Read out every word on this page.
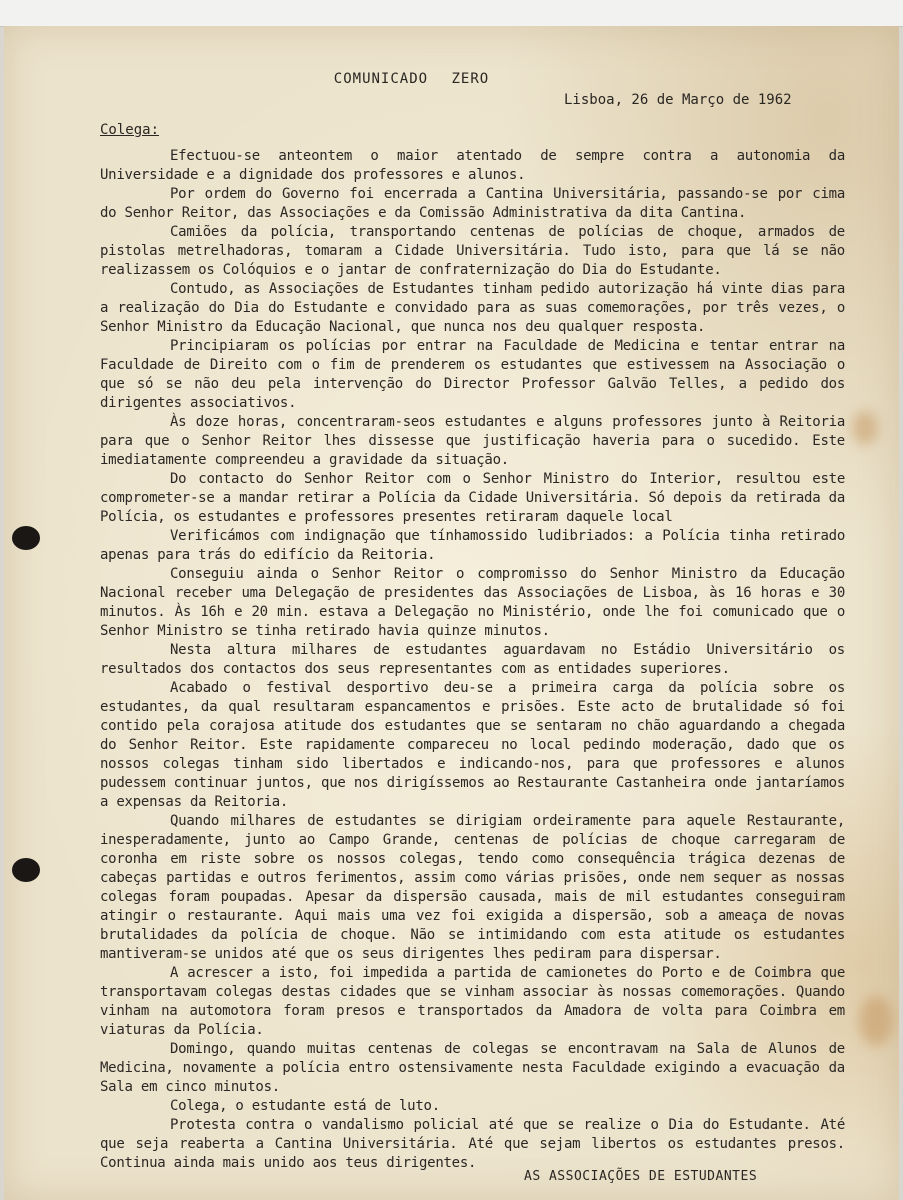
COMUNICADO ZERO
Lisboa, 26 de Março de 1962
Colega:

Efectuou-se anteontem o maior atentado de sempre contra a autonomia da Universidade e a dignidade dos professores e alunos.

Por ordem do Governo foi encerrada a Cantina Universitária, passando-se por cima do Senhor Reitor, das Associações e da Comissão Administrativa da dita Cantina.

Camiões da polícia, transportando centenas de polícias de choque, armados de pistolas metrelhadoras, tomaram a Cidade Universitária. Tudo isto, para que lá se não realizassem os Colóquios e o jantar de confraternização do Dia do Estudante.

Contudo, as Associações de Estudantes tinham pedido autorização há vinte dias para a realização do Dia do Estudante e convidado para as suas comemorações, por três vezes, o Senhor Ministro da Educação Nacional, que nunca nos deu qualquer resposta.

Principiaram os polícias por entrar na Faculdade de Medicina e tentar entrar na Faculdade de Direito com o fim de prenderem os estudantes que estivessem na Associação o que só se não deu pela intervenção do Director Professor Galvão Telles, a pedido dos dirigentes associativos.

Às doze horas, concentraram-seos estudantes e alguns professores junto à Reitoria para que o Senhor Reitor lhes dissesse que justificação haveria para o sucedido. Este imediatamente compreendeu a gravidade da situação.

Do contacto do Senhor Reitor com o Senhor Ministro do Interior, resultou este comprometer-se a mandar retirar a Polícia da Cidade Universitária. Só depois da retirada da Polícia, os estudantes e professores presentes retiraram daquele local

Verificámos com indignação que tínhamossido ludibriados: a Polícia tinha retirado apenas para trás do edifício da Reitoria.

Conseguiu ainda o Senhor Reitor o compromisso do Senhor Ministro da Educação Nacional receber uma Delegação de presidentes das Associações de Lisboa, às 16 horas e 30 minutos. Às 16h e 20 min. estava a Delegação no Ministério, onde lhe foi comunicado que o Senhor Ministro se tinha retirado havia quinze minutos.

Nesta altura milhares de estudantes aguardavam no Estádio Universitário os resultados dos contactos dos seus representantes com as entidades superiores.

Acabado o festival desportivo deu-se a primeira carga da polícia sobre os estudantes, da qual resultaram espancamentos e prisões. Este acto de brutalidade só foi contido pela corajosa atitude dos estudantes que se sentaram no chão aguardando a chegada do Senhor Reitor. Este rapidamente compareceu no local pedindo moderação, dado que os nossos colegas tinham sido libertados e indicando-nos, para que professores e alunos pudessem continuar juntos, que nos dirigíssemos ao Restaurante Castanheira onde jantaríamos a expensas da Reitoria.

Quando milhares de estudantes se dirigiam ordeiramente para aquele Restaurante, inesperadamente, junto ao Campo Grande, centenas de polícias de choque carregaram de coronha em riste sobre os nossos colegas, tendo como consequência trágica dezenas de cabeças partidas e outros ferimentos, assim como várias prisões, onde nem sequer as nossas colegas foram poupadas. Apesar da dispersão causada, mais de mil estudantes conseguiram atingir o restaurante. Aqui mais uma vez foi exigida a dispersão, sob a ameaça de novas brutalidades da polícia de choque. Não se intimidando com esta atitude os estudantes mantiveram-se unidos até que os seus dirigentes lhes pediram para dispersar.

A acrescer a isto, foi impedida a partida de camionetes do Porto e de Coimbra que transportavam colegas destas cidades que se vinham associar às nossas comemorações. Quando vinham na automotora foram presos e transportados da Amadora de volta para Coimbra em viaturas da Polícia.

Domingo, quando muitas centenas de colegas se encontravam na Sala de Alunos de Medicina, novamente a polícia entro ostensivamente nesta Faculdade exigindo a evacuação da Sala em cinco minutos.

Colega, o estudante está de luto.

Protesta contra o vandalismo policial até que se realize o Dia do Estudante. Até que seja reaberta a Cantina Universitária. Até que sejam libertos os estudantes presos. Continua ainda mais unido aos teus dirigentes.

AS ASSOCIAÇÕES DE ESTUDANTES
